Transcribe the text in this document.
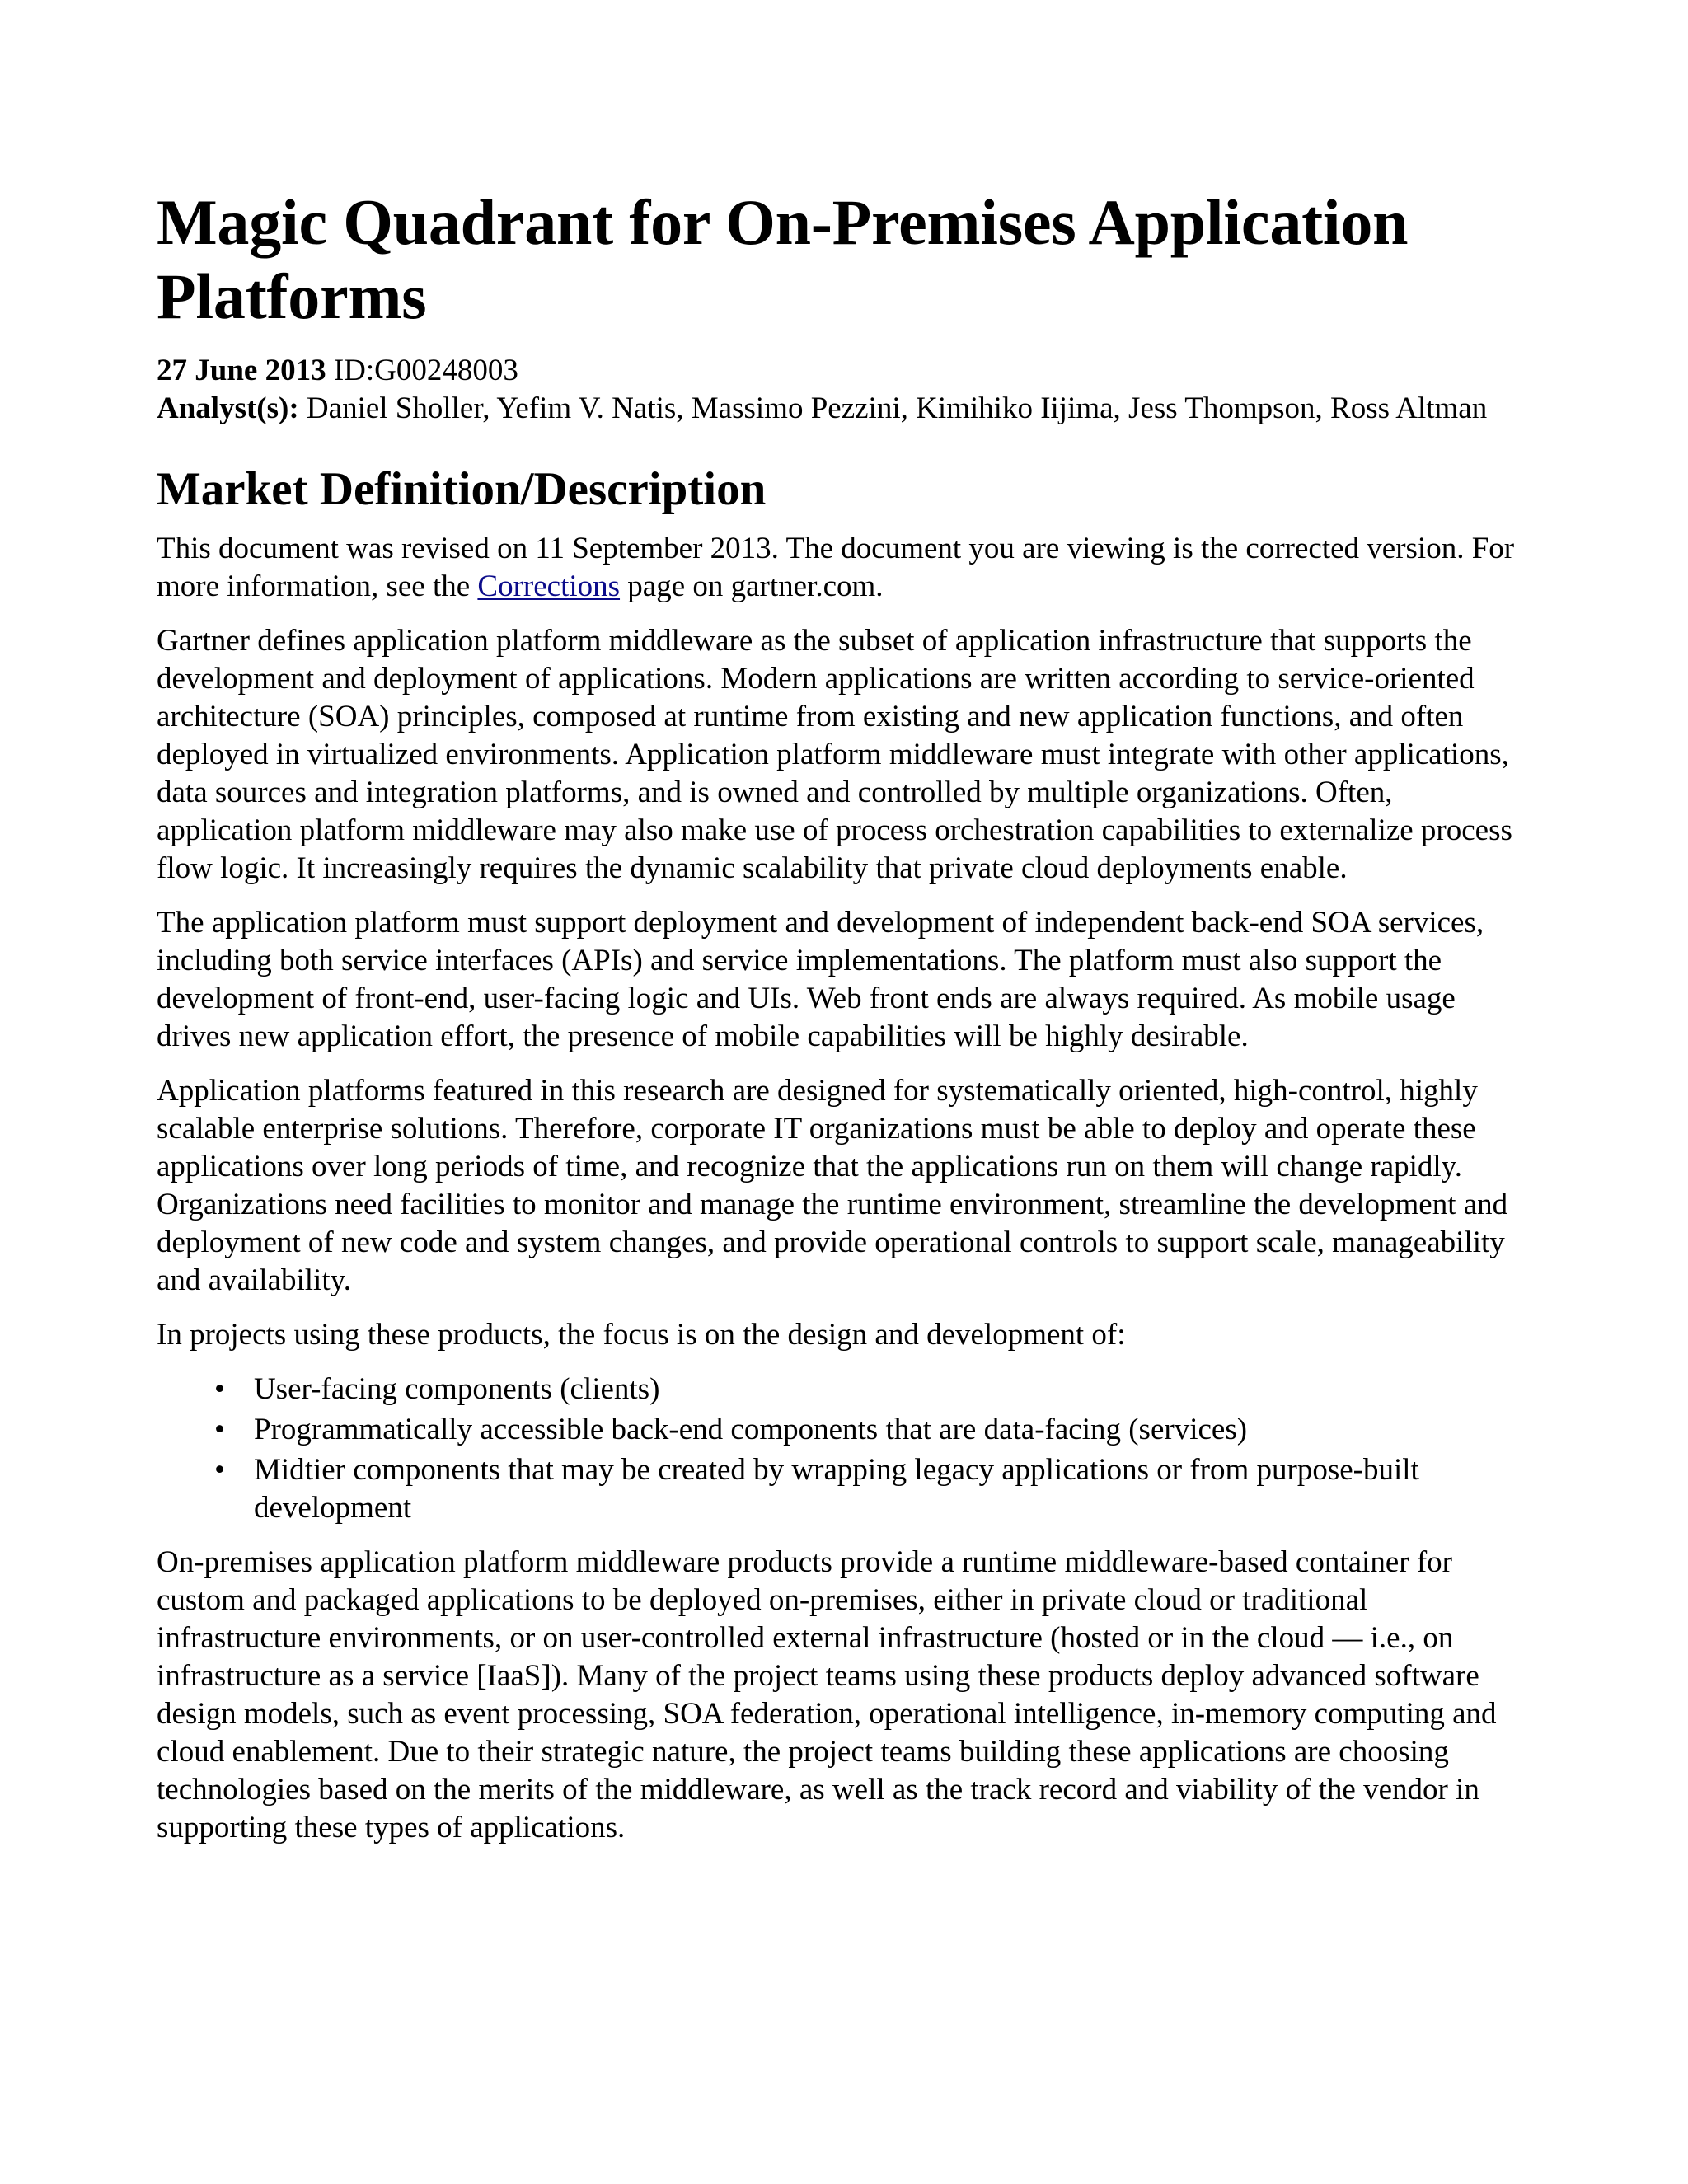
Magic Quadrant for On-Premises Application Platforms
27 June 2013 ID:G00248003
Analyst(s): Daniel Sholler, Yefim V. Natis, Massimo Pezzini, Kimihiko Iijima, Jess Thompson, Ross Altman
Market Definition/Description

This document was revised on 11 September 2013. The document you are viewing is the corrected version. For more information, see the Corrections page on gartner.com.

Gartner defines application platform middleware as the subset of application infrastructure that supports the development and deployment of applications. Modern applications are written according to service-oriented architecture (SOA) principles, composed at runtime from existing and new application functions, and often deployed in virtualized environments. Application platform middleware must integrate with other applications, data sources and integration platforms, and is owned and controlled by multiple organizations. Often, application platform middleware may also make use of process orchestration capabilities to externalize process flow logic. It increasingly requires the dynamic scalability that private cloud deployments enable.

The application platform must support deployment and development of independent back-end SOA services, including both service interfaces (APIs) and service implementations. The platform must also support the development of front-end, user-facing logic and UIs. Web front ends are always required. As mobile usage drives new application effort, the presence of mobile capabilities will be highly desirable.

Application platforms featured in this research are designed for systematically oriented, high-control, highly scalable enterprise solutions. Therefore, corporate IT organizations must be able to deploy and operate these applications over long periods of time, and recognize that the applications run on them will change rapidly. Organizations need facilities to monitor and manage the runtime environment, streamline the development and deployment of new code and system changes, and provide operational controls to support scale, manageability and availability.

In projects using these products, the focus is on the design and development of:

• User-facing components (clients)
• Programmatically accessible back-end components that are data-facing (services)
• Midtier components that may be created by wrapping legacy applications or from purpose-built development

On-premises application platform middleware products provide a runtime middleware-based container for custom and packaged applications to be deployed on-premises, either in private cloud or traditional infrastructure environments, or on user-controlled external infrastructure (hosted or in the cloud — i.e., on infrastructure as a service [IaaS]). Many of the project teams using these products deploy advanced software design models, such as event processing, SOA federation, operational intelligence, in-memory computing and cloud enablement. Due to their strategic nature, the project teams building these applications are choosing technologies based on the merits of the middleware, as well as the track record and viability of the vendor in supporting these types of applications.
